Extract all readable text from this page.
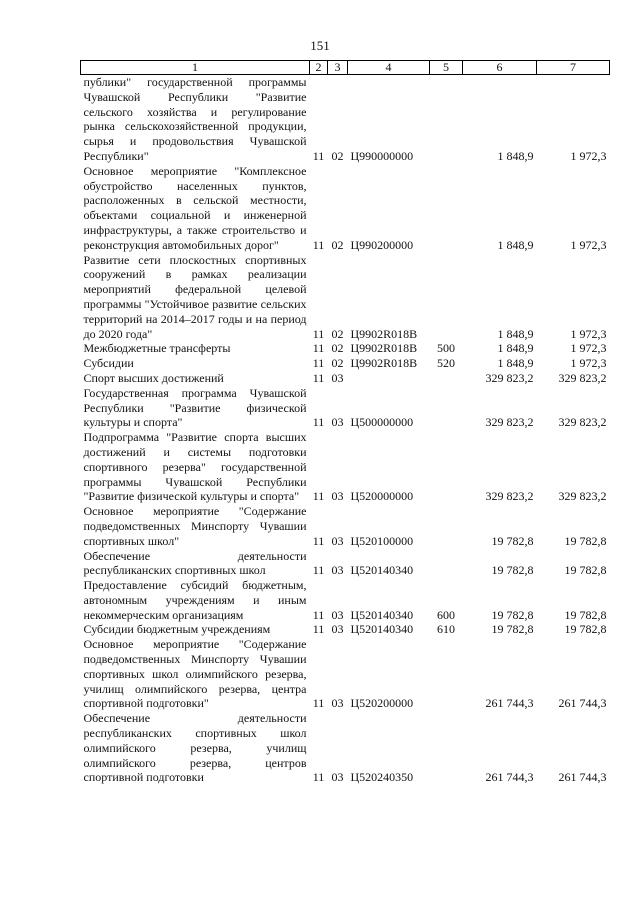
151
1	2	3	4	5	6	7
публики" государственной программы Чувашской Республики "Развитие сельского хозяйства и регулирование рынка сельскохозяйственной продукции, сырья и продовольствия Чувашской Республики"	11	02	Ц990000000		1 848,9	1 972,3
Основное мероприятие "Комплексное обустройство населенных пунктов, расположенных в сельской местности, объектами социальной и инженерной инфраструктуры, а также строительство и реконструкция автомобильных дорог"	11	02	Ц990200000		1 848,9	1 972,3
Развитие сети плоскостных спортивных сооружений в рамках реализации мероприятий федеральной целевой программы "Устойчивое развитие сельских территорий на 2014–2017 годы и на период до 2020 года"	11	02	Ц9902R018B		1 848,9	1 972,3
Межбюджетные трансферты	11	02	Ц9902R018B	500	1 848,9	1 972,3
Субсидии	11	02	Ц9902R018B	520	1 848,9	1 972,3
Спорт высших достижений	11	03			329 823,2	329 823,2
Государственная программа Чувашской Республики "Развитие физической культуры и спорта"	11	03	Ц500000000		329 823,2	329 823,2
Подпрограмма "Развитие спорта высших достижений и системы подготовки спортивного резерва" государственной программы Чувашской Республики "Развитие физической культуры и спорта"	11	03	Ц520000000		329 823,2	329 823,2
Основное мероприятие "Содержание подведомственных Минспорту Чувашии спортивных школ"	11	03	Ц520100000		19 782,8	19 782,8
Обеспечение деятельности республиканских спортивных школ	11	03	Ц520140340		19 782,8	19 782,8
Предоставление субсидий бюджетным, автономным учреждениям и иным некоммерческим организациям	11	03	Ц520140340	600	19 782,8	19 782,8
Субсидии бюджетным учреждениям	11	03	Ц520140340	610	19 782,8	19 782,8
Основное мероприятие "Содержание подведомственных Минспорту Чувашии спортивных школ олимпийского резерва, училищ олимпийского резерва, центра спортивной подготовки"	11	03	Ц520200000		261 744,3	261 744,3
Обеспечение деятельности республиканских спортивных школ олимпийского резерва, училищ олимпийского резерва, центров спортивной подготовки	11	03	Ц520240350		261 744,3	261 744,3
